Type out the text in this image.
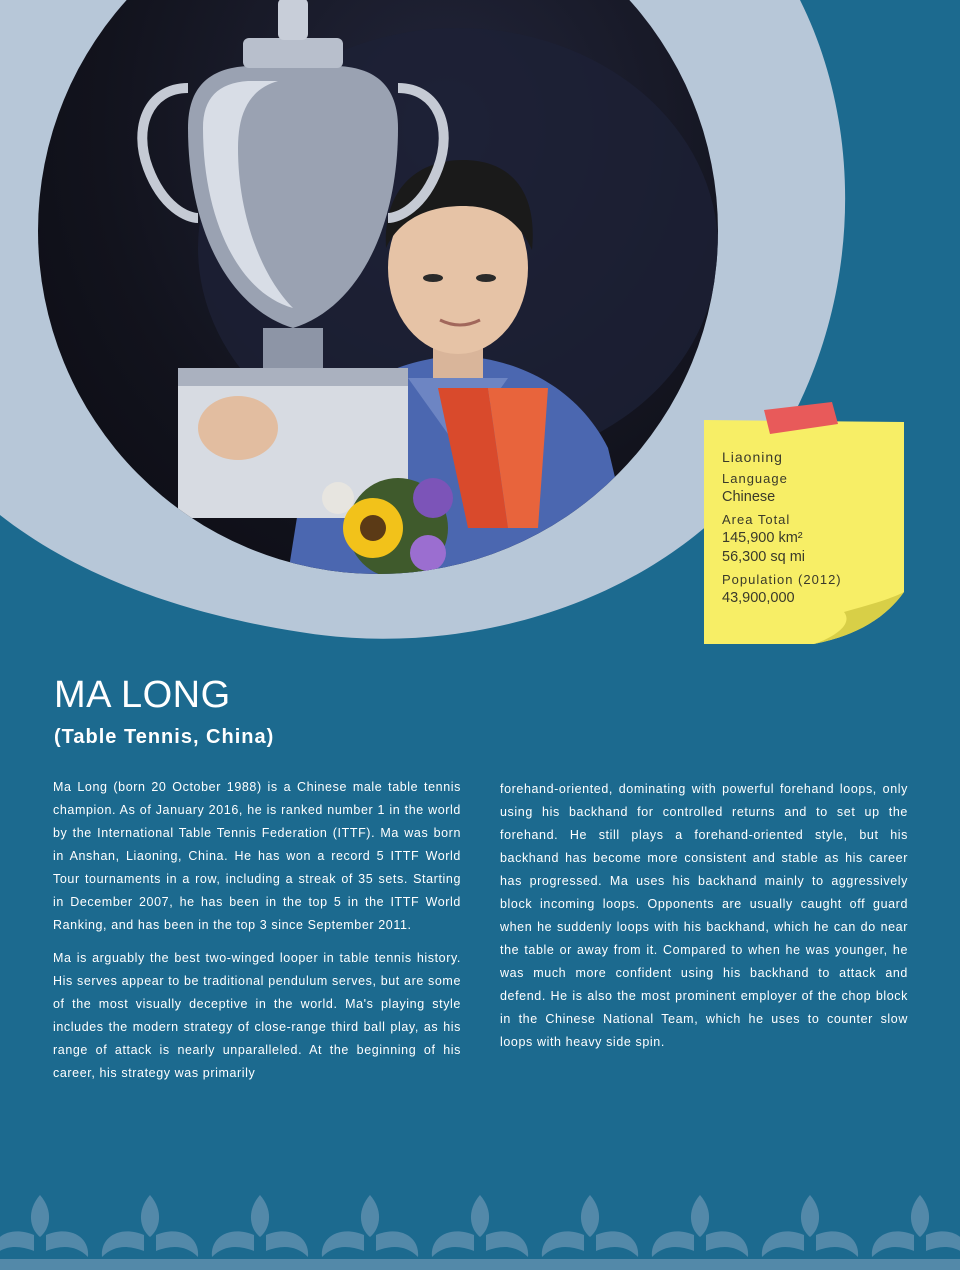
Liaoning

Language

Chinese

Area Total

145,900 km²

56,300 sq mi

Population (2012)

43,900,000

MA LONG
(Table Tennis, China)

Ma Long (born 20 October 1988) is a Chinese male table tennis champion. As of January 2016, he is ranked number 1 in the world by the International Table Tennis Federation (ITTF). Ma was born in Anshan, Liaoning, China. He has won a record 5 ITTF World Tour tournaments in a row, including a streak of 35 sets. Starting in December 2007, he has been in the top 5 in the ITTF World Ranking, and has been in the top 3 since September 2011.

Ma is arguably the best two-winged looper in table tennis history. His serves appear to be traditional pendulum serves, but are some of the most visually deceptive in the world. Ma's playing style includes the modern strategy of close-range third ball play, as his range of attack is nearly unparalleled. At the beginning of his career, his strategy was primarily

forehand-oriented, dominating with powerful forehand loops, only using his backhand for controlled returns and to set up the forehand. He still plays a forehand-oriented style, but his backhand has become more consistent and stable as his career has progressed. Ma uses his backhand mainly to aggressively block incoming loops. Opponents are usually caught off guard when he suddenly loops with his backhand, which he can do near the table or away from it. Compared to when he was younger, he was much more confident using his backhand to attack and defend. He is also the most prominent employer of the chop block in the Chinese National Team, which he uses to counter slow loops with heavy side spin.
